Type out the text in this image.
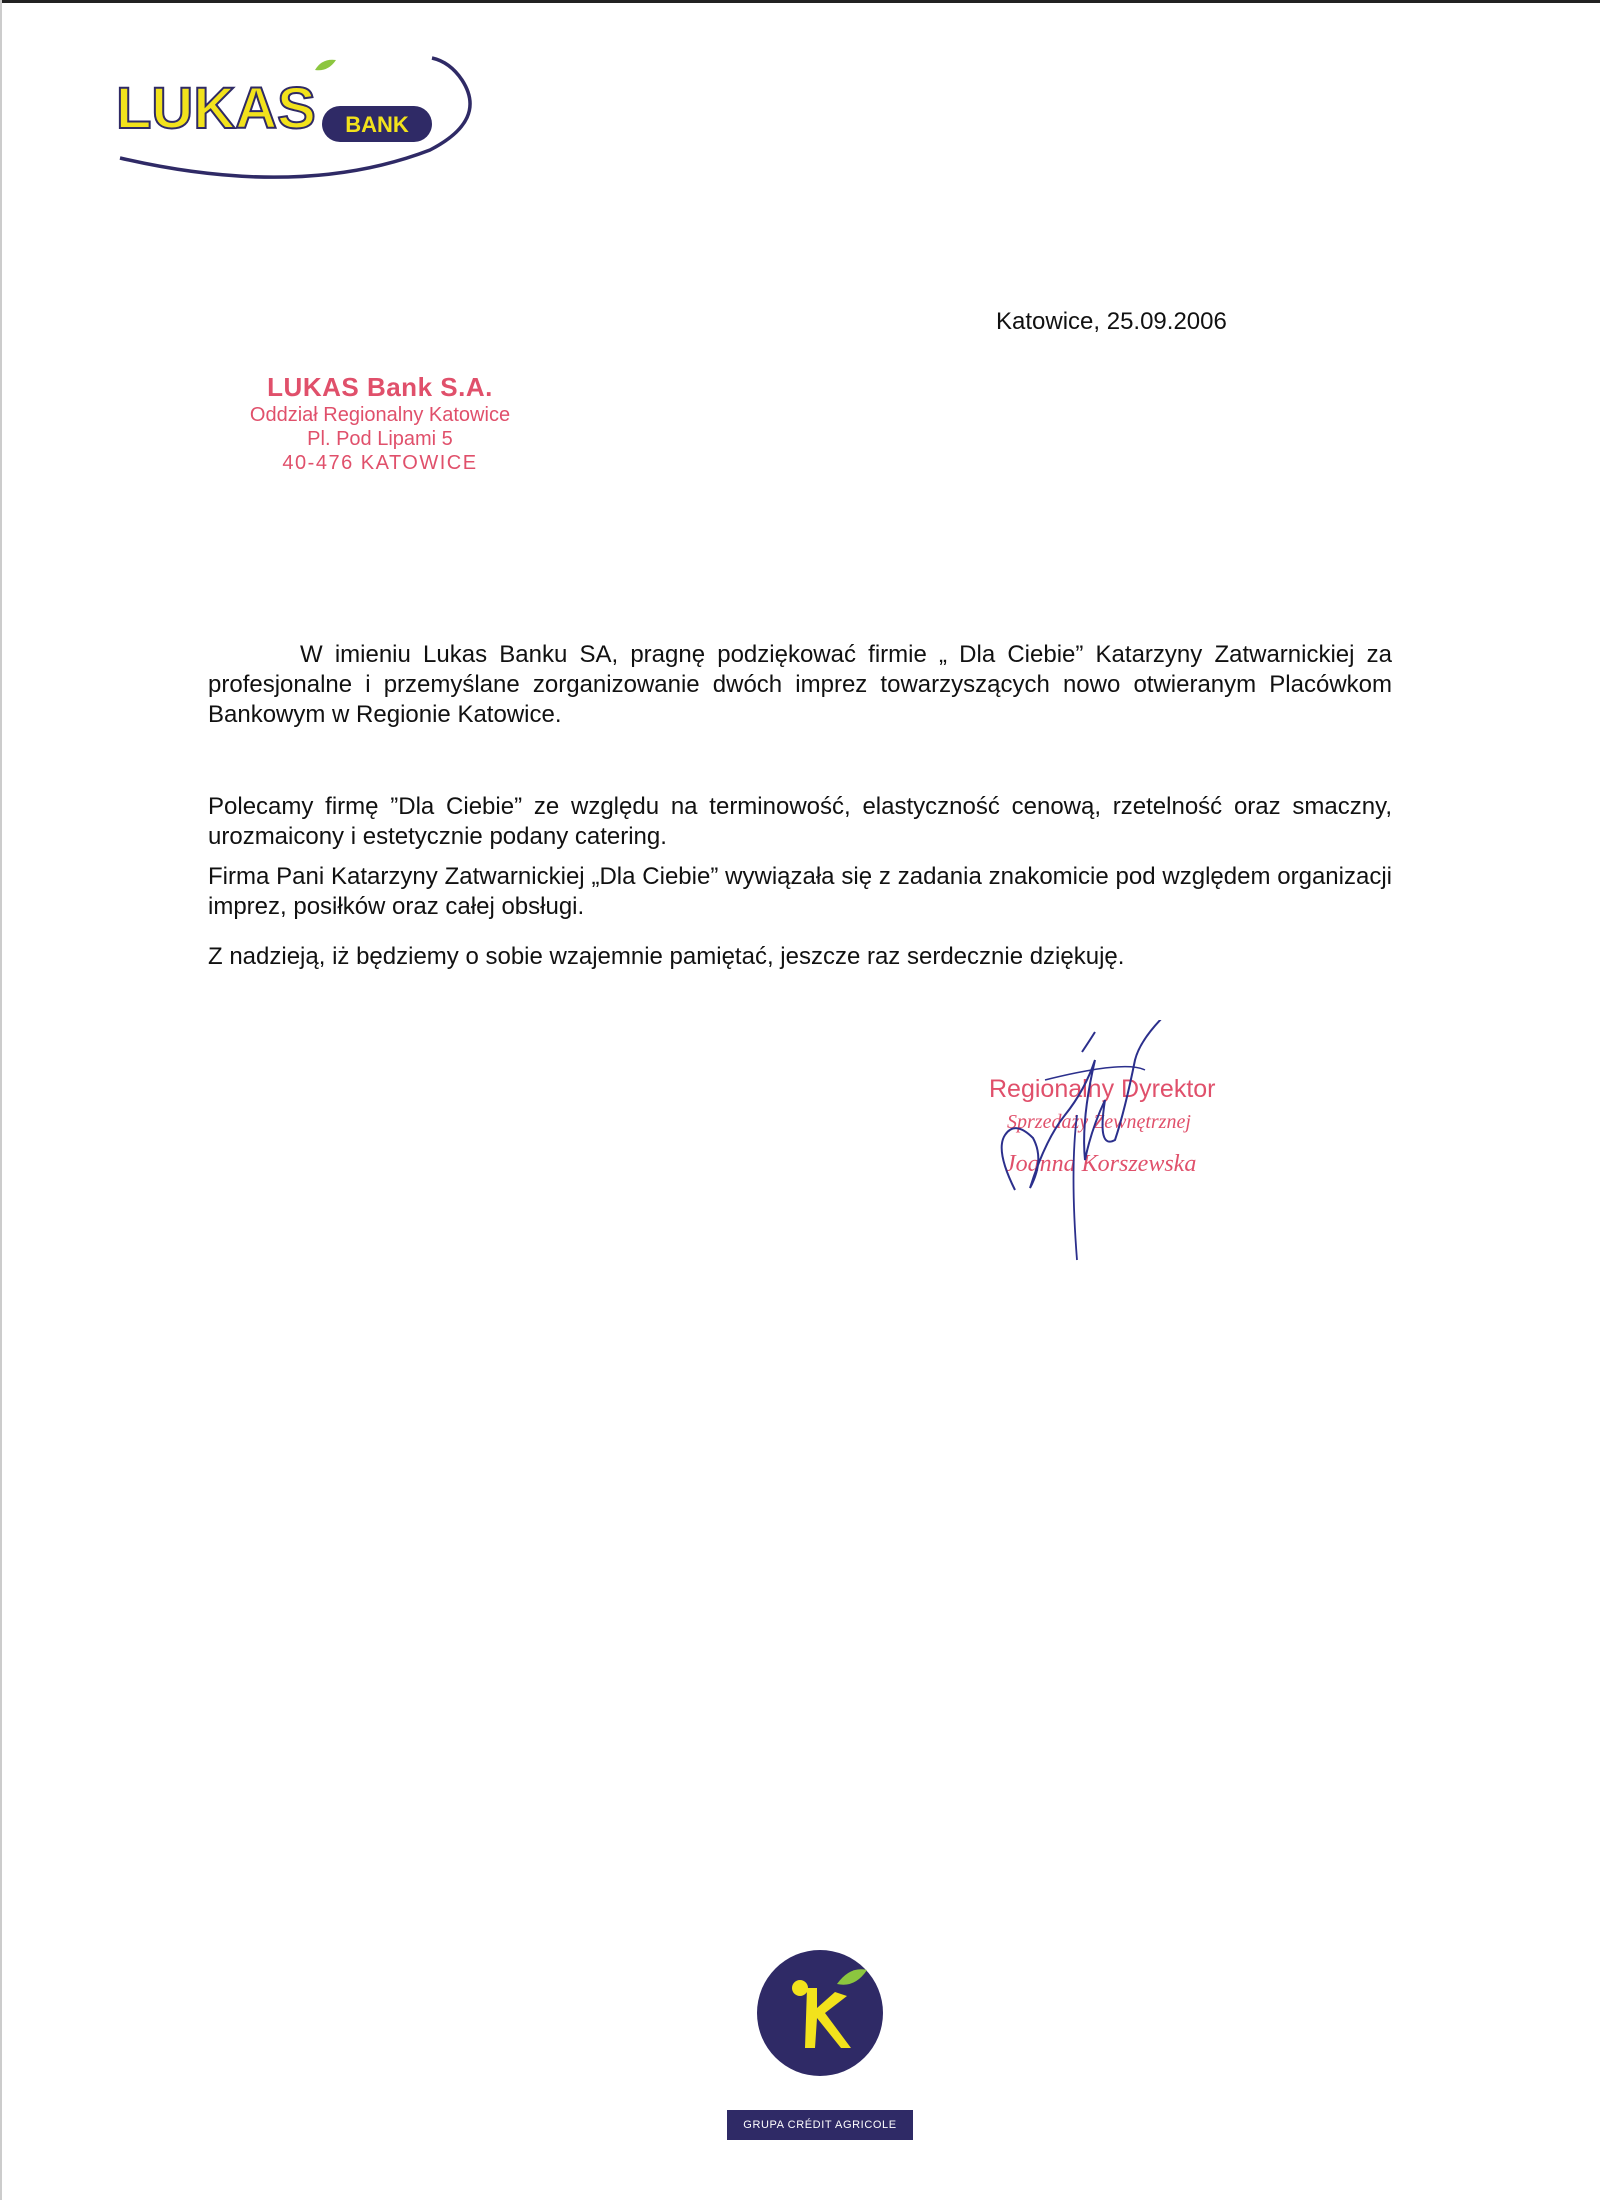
LUKAS BANK
Katowice, 25.09.2006
LUKAS Bank S.A.
Oddział Regionalny Katowice
Pl. Pod Lipami 5
40-476 KATOWICE
W imieniu Lukas Banku SA, pragnę podziękować firmie „ Dla Ciebie” Katarzyny Zatwarnickiej za profesjonalne i przemyślane zorganizowanie dwóch imprez towarzyszących nowo otwieranym Placówkom Bankowym w Regionie Katowice.
Polecamy firmę ”Dla Ciebie” ze względu na terminowość, elastyczność cenową, rzetelność oraz smaczny, urozmaicony i estetycznie podany catering.
Firma Pani Katarzyny Zatwarnickiej „Dla Ciebie” wywiązała się z zadania znakomicie pod względem organizacji imprez, posiłków oraz całej obsługi.
Z nadzieją, iż będziemy o sobie wzajemnie pamiętać, jeszcze raz serdecznie dziękuję.
Regionalny Dyrektor
Sprzedaży Zewnętrznej
Joanna Korszewska
GRUPA CRÉDIT AGRICOLE
